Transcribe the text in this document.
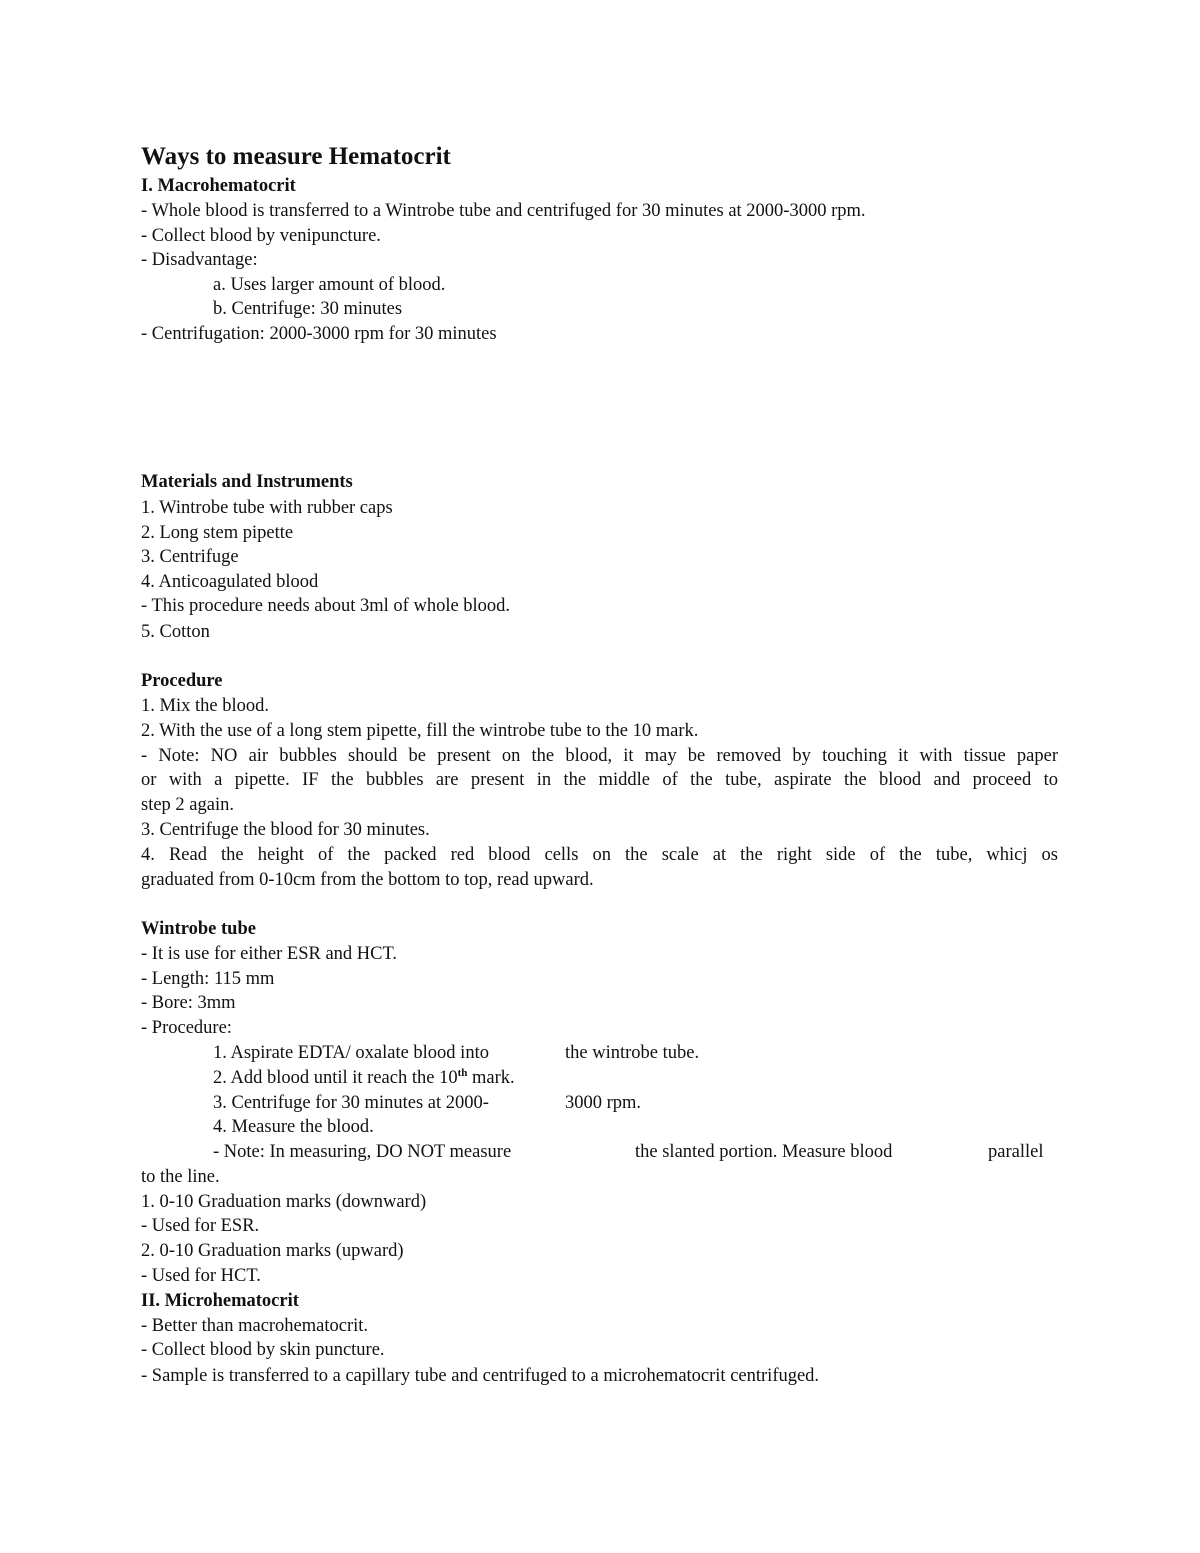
Ways to measure Hematocrit

I. Macrohematocrit

- Whole blood is transferred to a Wintrobe tube and centrifuged for 30 minutes at 2000-3000 rpm.

- Collect blood by venipuncture.

- Disadvantage:

a. Uses larger amount of blood.

b. Centrifuge: 30 minutes

- Centrifugation: 2000-3000 rpm for 30 minutes

Materials and Instruments

1. Wintrobe tube with rubber caps

2. Long stem pipette

3. Centrifuge

4. Anticoagulated blood

- This procedure needs about 3ml of whole blood.

5. Cotton

Procedure

1. Mix the blood.

2. With the use of a long stem pipette, fill the wintrobe tube to the 10 mark.

- Note: NO air bubbles should be present on the blood, it may be removed by touching it with tissue paper

or with a pipette. IF the bubbles are present in the middle of the tube, aspirate the blood and proceed to

step 2 again.

3. Centrifuge the blood for 30 minutes.

4. Read the height of the packed red blood cells on the scale at the right side of the tube, whicj os

graduated from 0-10cm from the bottom to top, read upward.

Wintrobe tube

- It is use for either ESR and HCT.

- Length: 115 mm

- Bore: 3mm

- Procedure:

1. Aspirate EDTA/ oxalate blood into	the wintrobe tube.

2. Add blood until it reach the 10th mark.

3. Centrifuge for 30 minutes at 2000-	3000 rpm.

4. Measure the blood.

- Note: In measuring, DO NOT measure	the slanted portion. Measure blood	parallel

to the line.

1. 0-10 Graduation marks (downward)

- Used for ESR.

2. 0-10 Graduation marks (upward)

- Used for HCT.

II. Microhematocrit

- Better than macrohematocrit.

- Collect blood by skin puncture.

- Sample is transferred to a capillary tube and centrifuged to a microhematocrit centrifuged.
